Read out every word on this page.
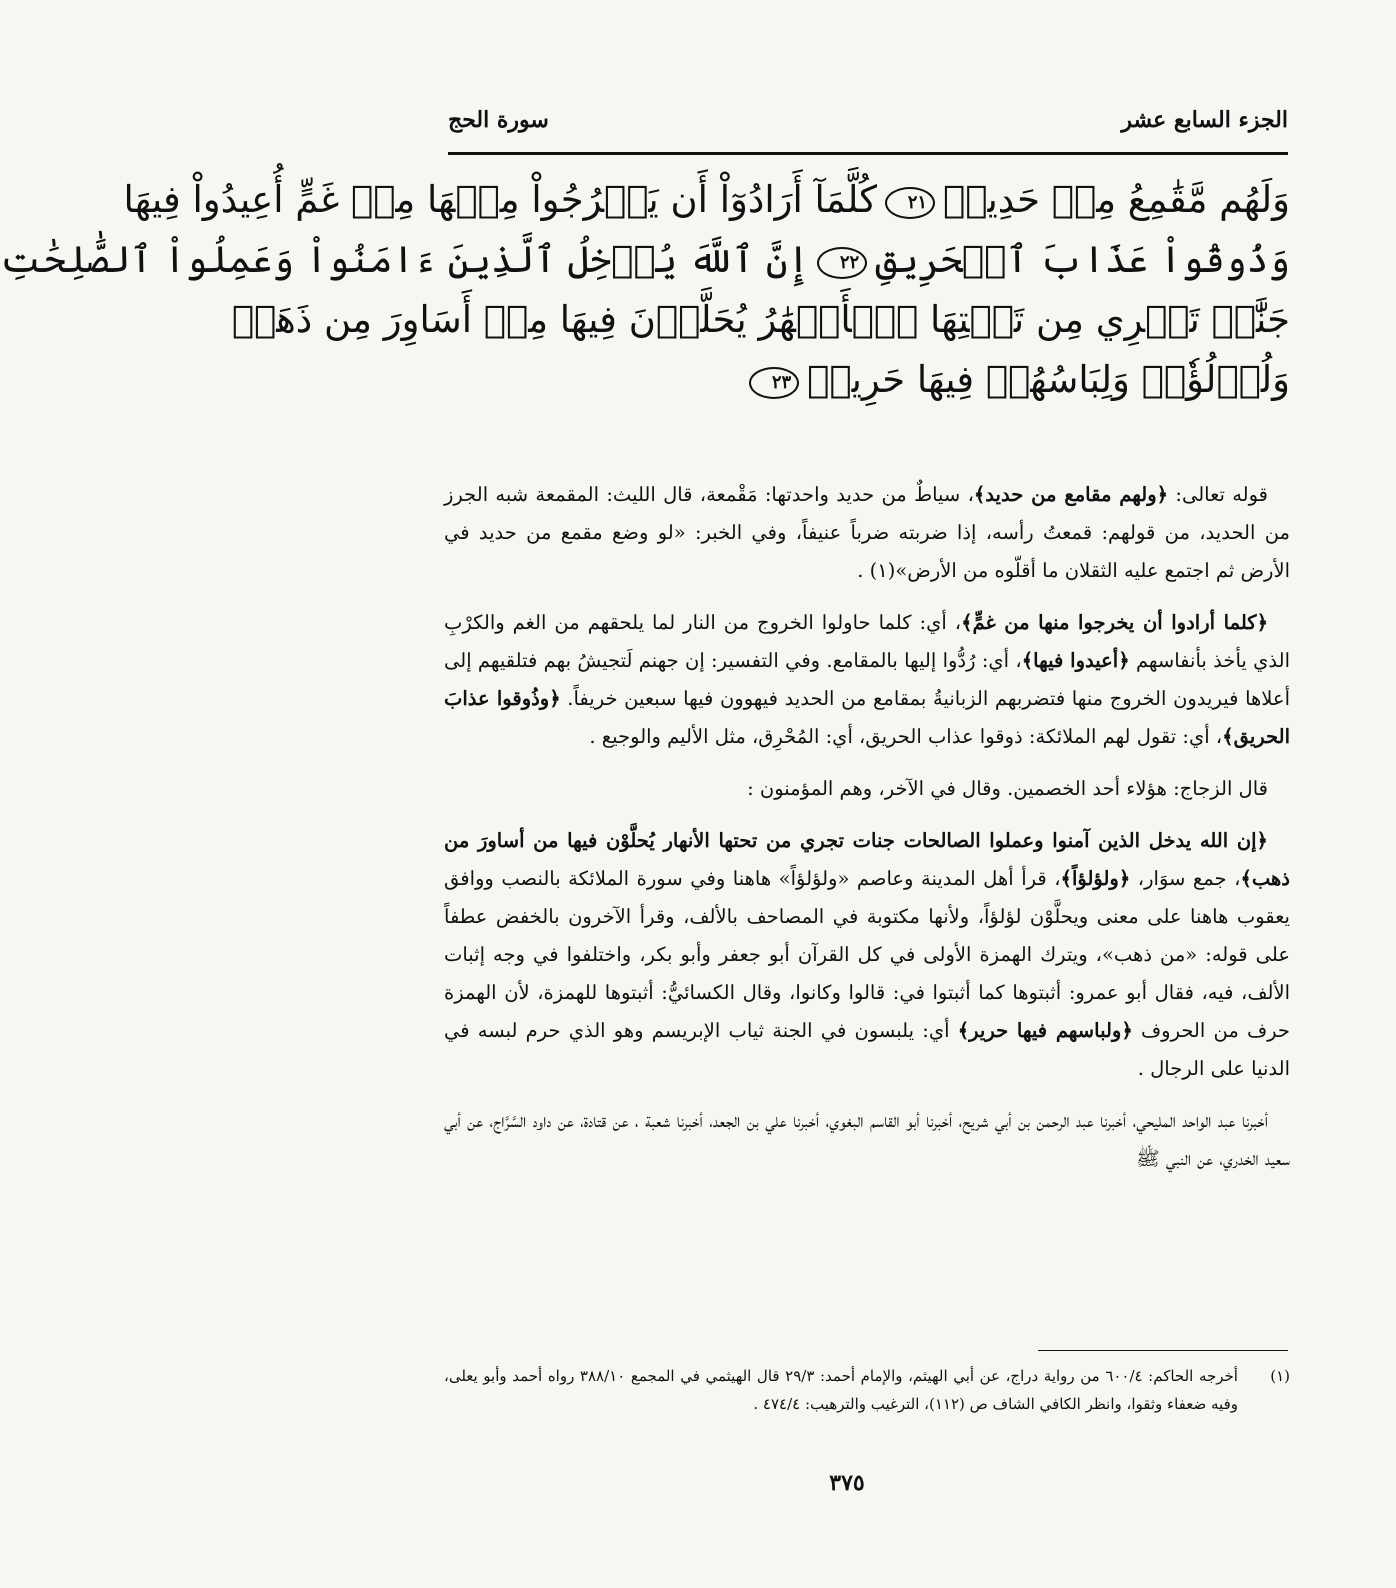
الجزء السابع عشر
سورة الحج
وَلَهُم مَّقَٰمِعُ مِنۡ حَدِيدٖ٢١كُلَّمَآ أَرَادُوٓاْ أَن يَخۡرُجُواْ مِنۡهَا مِنۡ غَمٍّ أُعِيدُواْ فِيهَا
وَذُوقُواْ عَذَابَ ٱلۡحَرِيقِ٢٢إِنَّ ٱللَّهَ يُدۡخِلُ ٱلَّذِينَ ءَامَنُواْ وَعَمِلُواْ ٱلصَّٰلِحَٰتِ
جَنَّٰتٖ تَجۡرِي مِن تَحۡتِهَا ٱلۡأَنۡهَٰرُ يُحَلَّوۡنَ فِيهَا مِنۡ أَسَاوِرَ مِن ذَهَبٖ
وَلُؤۡلُؤٗاۖ وَلِبَاسُهُمۡ فِيهَا حَرِيرٞ٢٣

قوله تعالى: ﴿ولهم مقامع من حديد﴾، سياطٌ من حديد واحدتها: مَقْمعة، قال الليث: المقمعة شبه الجرز من الحديد، من قولهم: قمعتُ رأسه، إذا ضربته ضرباً عنيفاً، وفي الخبر: «لو وضع مقمع من حديد في الأرض ثم اجتمع عليه الثقلان ما أقلّوه من الأرض»(١) .

﴿كلما أرادوا أن يخرجوا منها من غمٍّ﴾، أي: كلما حاولوا الخروج من النار لما يلحقهم من الغم والكرْبِ الذي يأخذ بأنفاسهم ﴿أعيدوا فيها﴾، أي: رُدُّوا إليها بالمقامع. وفي التفسير: إن جهنم لَتجيشُ بهم فتلقيهم إلى أعلاها فيريدون الخروج منها فتضربهم الزبانيةُ بمقامع من الحديد فيهوون فيها سبعين خريفاً. ﴿وذُوقوا عذابَ الحريق﴾، أي: تقول لهم الملائكة: ذوقوا عذاب الحريق، أي: المُحْرِق، مثل الأليم والوجيع .

قال الزجاج: هؤلاء أحد الخصمين. وقال في الآخر، وهم المؤمنون :

﴿إن الله يدخل الذين آمنوا وعملوا الصالحات جنات تجري من تحتها الأنهار يُحلَّوْن فيها من أساورَ من ذهب﴾، جمع سوَار، ﴿ولؤلؤاً﴾، قرأ أهل المدينة وعاصم «ولؤلؤاً» هاهنا وفي سورة الملائكة بالنصب ووافق يعقوب هاهنا على معنى ويحلَّوْن لؤلؤاً، ولأنها مكتوبة في المصاحف بالألف، وقرأ الآخرون بالخفض عطفاً على قوله: «من ذهب»، ويترك الهمزة الأولى في كل القرآن أبو جعفر وأبو بكر، واختلفوا في وجه إثبات الألف، فيه، فقال أبو عمرو: أثبتوها كما أثبتوا في: قالوا وكانوا، وقال الكسائيُّ: أثبتوها للهمزة، لأن الهمزة حرف من الحروف ﴿ولباسهم فيها حرير﴾ أي: يلبسون في الجنة ثياب الإبريسم وهو الذي حرم لبسه في الدنيا على الرجال .

أخبرنا عبد الواحد المليحي، أخبرنا عبد الرحمن بن أبي شريح، أخبرنا أبو القاسم البغوي، أخبرنا علي بن الجعد، أخبرنا شعبة ، عن قتادة، عن داود السَّرَّاج، عن أبي سعيد الخدري، عن النبي ﷺ

(١)
أخرجه الحاكم: ٦٠٠/٤ من رواية دراج، عن أبي الهيثم، والإمام أحمد: ٢٩/٣ قال الهيثمي في المجمع ٣٨٨/١٠ رواه أحمد وأبو يعلى، وفيه ضعفاء وثقوا، وانظر الكافي الشاف ص (١١٢)، الترغيب والترهيب: ٤٧٤/٤ .
٣٧٥
